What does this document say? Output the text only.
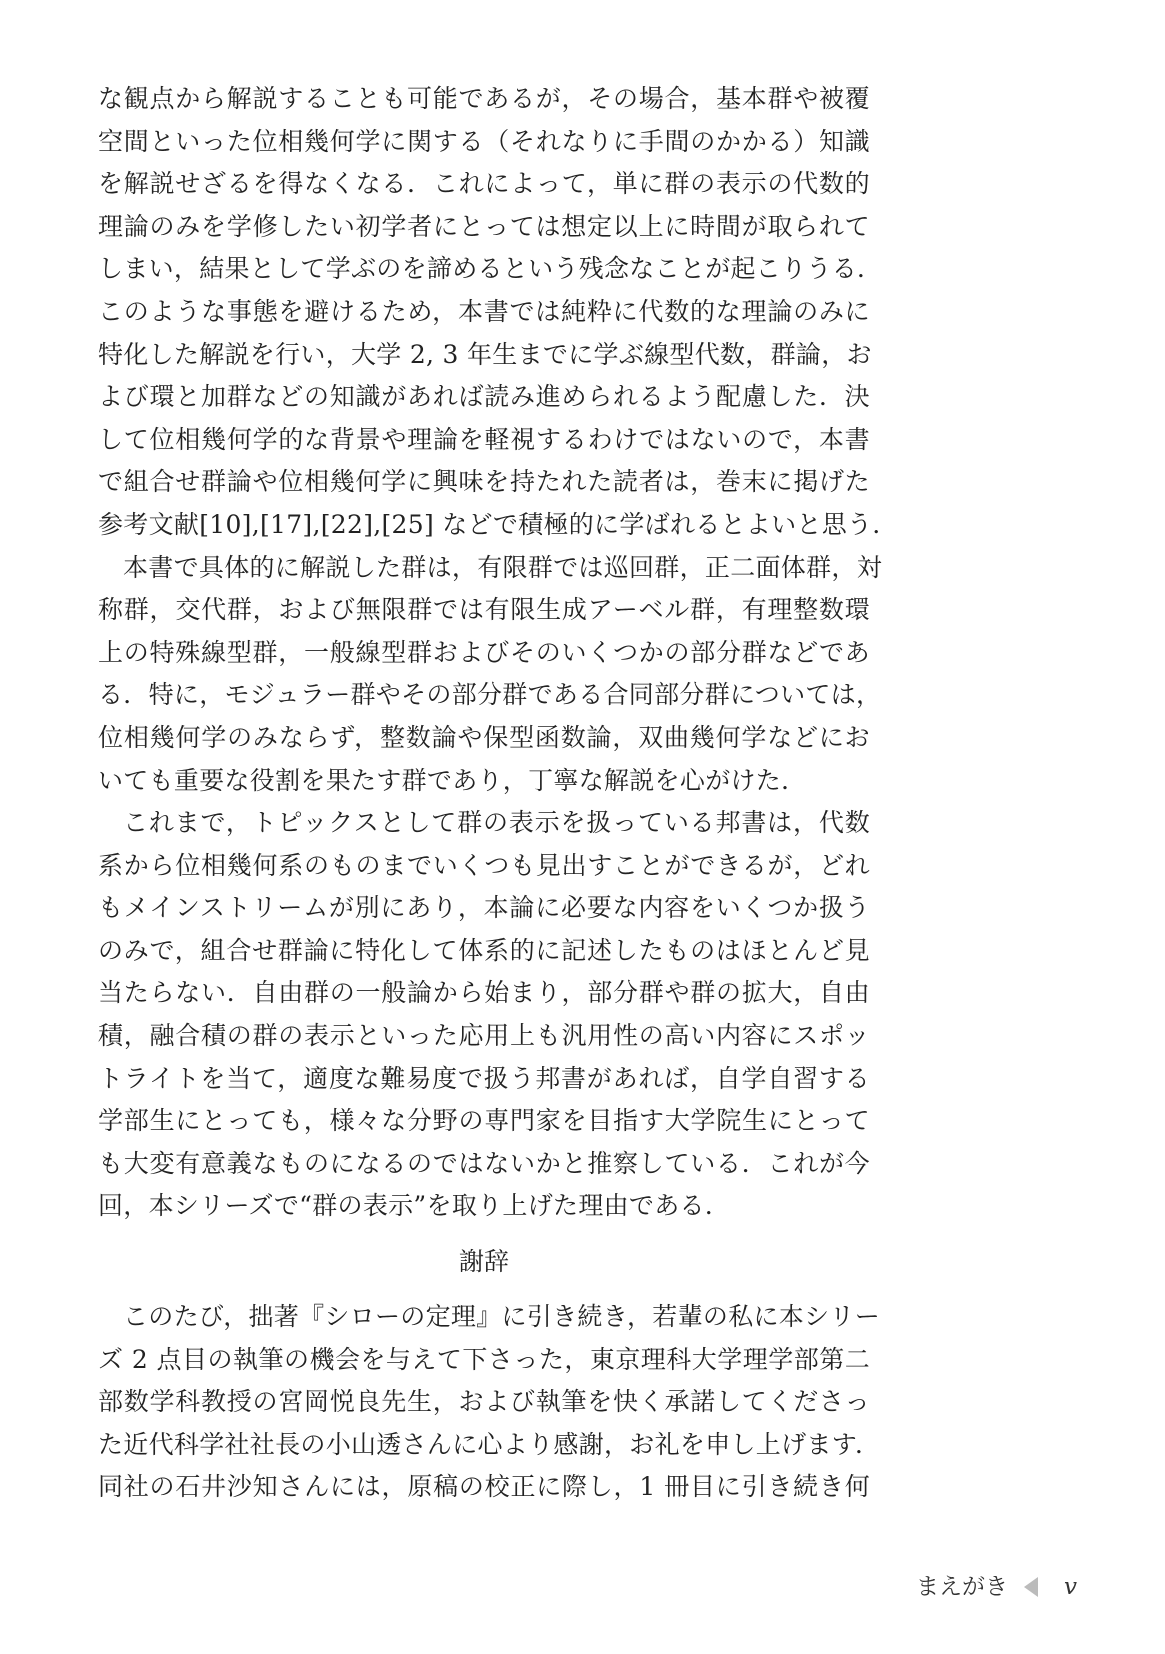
な観点から解説することも可能であるが，その場合，基本群や被覆
空間といった位相幾何学に関する（それなりに手間のかかる）知識
を解説せざるを得なくなる．これによって，単に群の表示の代数的
理論のみを学修したい初学者にとっては想定以上に時間が取られて
しまい，結果として学ぶのを諦めるという残念なことが起こりうる．
このような事態を避けるため，本書では純粋に代数的な理論のみに
特化した解説を行い，大学 2, 3 年生までに学ぶ線型代数，群論，お
よび環と加群などの知識があれば読み進められるよう配慮した．決
して位相幾何学的な背景や理論を軽視するわけではないので，本書
で組合せ群論や位相幾何学に興味を持たれた読者は，巻末に掲げた
参考文献[10],[17],[22],[25] などで積極的に学ばれるとよいと思う．
本書で具体的に解説した群は，有限群では巡回群，正二面体群，対
称群，交代群，および無限群では有限生成アーベル群，有理整数環
上の特殊線型群，一般線型群およびそのいくつかの部分群などであ
る．特に，モジュラー群やその部分群である合同部分群については，
位相幾何学のみならず，整数論や保型函数論，双曲幾何学などにお
いても重要な役割を果たす群であり，丁寧な解説を心がけた．
これまで，トピックスとして群の表示を扱っている邦書は，代数
系から位相幾何系のものまでいくつも見出すことができるが，どれ
もメインストリームが別にあり，本論に必要な内容をいくつか扱う
のみで，組合せ群論に特化して体系的に記述したものはほとんど見
当たらない．自由群の一般論から始まり，部分群や群の拡大，自由
積，融合積の群の表示といった応用上も汎用性の高い内容にスポッ
トライトを当て，適度な難易度で扱う邦書があれば，自学自習する
学部生にとっても，様々な分野の専門家を目指す大学院生にとって
も大変有意義なものになるのではないかと推察している．これが今
回，本シリーズで“群の表示”を取り上げた理由である．
謝辞
このたび，拙著『シローの定理』に引き続き，若輩の私に本シリー
ズ 2 点目の執筆の機会を与えて下さった，東京理科大学理学部第二
部数学科教授の宮岡悦良先生，および執筆を快く承諾してくださっ
た近代科学社社長の小山透さんに心より感謝，お礼を申し上げます．
同社の石井沙知さんには，原稿の校正に際し，1 冊目に引き続き何
まえがき v
